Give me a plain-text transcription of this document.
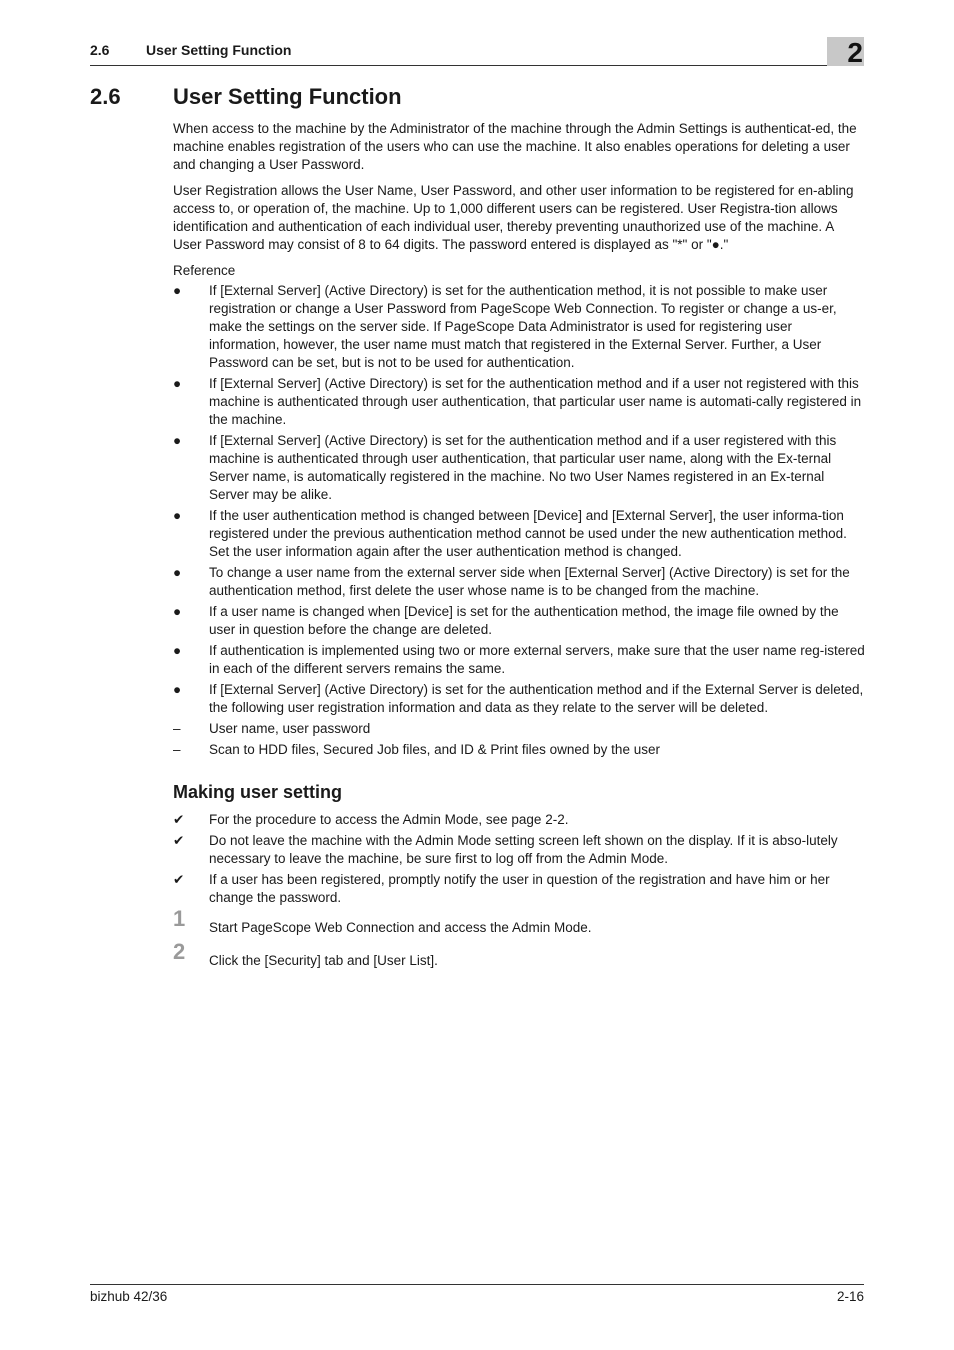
2.6	User Setting Function	2
2.6 User Setting Function

When access to the machine by the Administrator of the machine through the Admin Settings is authenticat-ed, the machine enables registration of the users who can use the machine. It also enables operations for deleting a user and changing a User Password.

User Registration allows the User Name, User Password, and other user information to be registered for en-abling access to, or operation of, the machine. Up to 1,000 different users can be registered. User Registra-tion allows identification and authentication of each individual user, thereby preventing unauthorized use of the machine. A User Password may consist of 8 to 64 digits. The password entered is displayed as "*" or "●."

Reference

●	If [External Server] (Active Directory) is set for the authentication method, it is not possible to make user registration or change a User Password from PageScope Web Connection. To register or change a us-er, make the settings on the server side. If PageScope Data Administrator is used for registering user information, however, the user name must match that registered in the External Server. Further, a User Password can be set, but is not to be used for authentication.
●	If [External Server] (Active Directory) is set for the authentication method and if a user not registered with this machine is authenticated through user authentication, that particular user name is automati-cally registered in the machine.
●	If [External Server] (Active Directory) is set for the authentication method and if a user registered with this machine is authenticated through user authentication, that particular user name, along with the Ex-ternal Server name, is automatically registered in the machine. No two User Names registered in an Ex-ternal Server may be alike.
●	If the user authentication method is changed between [Device] and [External Server], the user informa-tion registered under the previous authentication method cannot be used under the new authentication method. Set the user information again after the user authentication method is changed.
●	To change a user name from the external server side when [External Server] (Active Directory) is set for the authentication method, first delete the user whose name is to be changed from the machine.
●	If a user name is changed when [Device] is set for the authentication method, the image file owned by the user in question before the change are deleted.
●	If authentication is implemented using two or more external servers, make sure that the user name reg-istered in each of the different servers remains the same.
●	If [External Server] (Active Directory) is set for the authentication method and if the External Server is deleted, the following user registration information and data as they relate to the server will be deleted.
–	User name, user password
–	Scan to HDD files, Secured Job files, and ID & Print files owned by the user
Making user setting
✔	For the procedure to access the Admin Mode, see page 2-2.
✔	Do not leave the machine with the Admin Mode setting screen left shown on the display. If it is abso-lutely necessary to leave the machine, be sure first to log off from the Admin Mode.
✔	If a user has been registered, promptly notify the user in question of the registration and have him or her change the password.
1 Start PageScope Web Connection and access the Admin Mode.
2 Click the [Security] tab and [User List].
bizhub 42/36	2-16
